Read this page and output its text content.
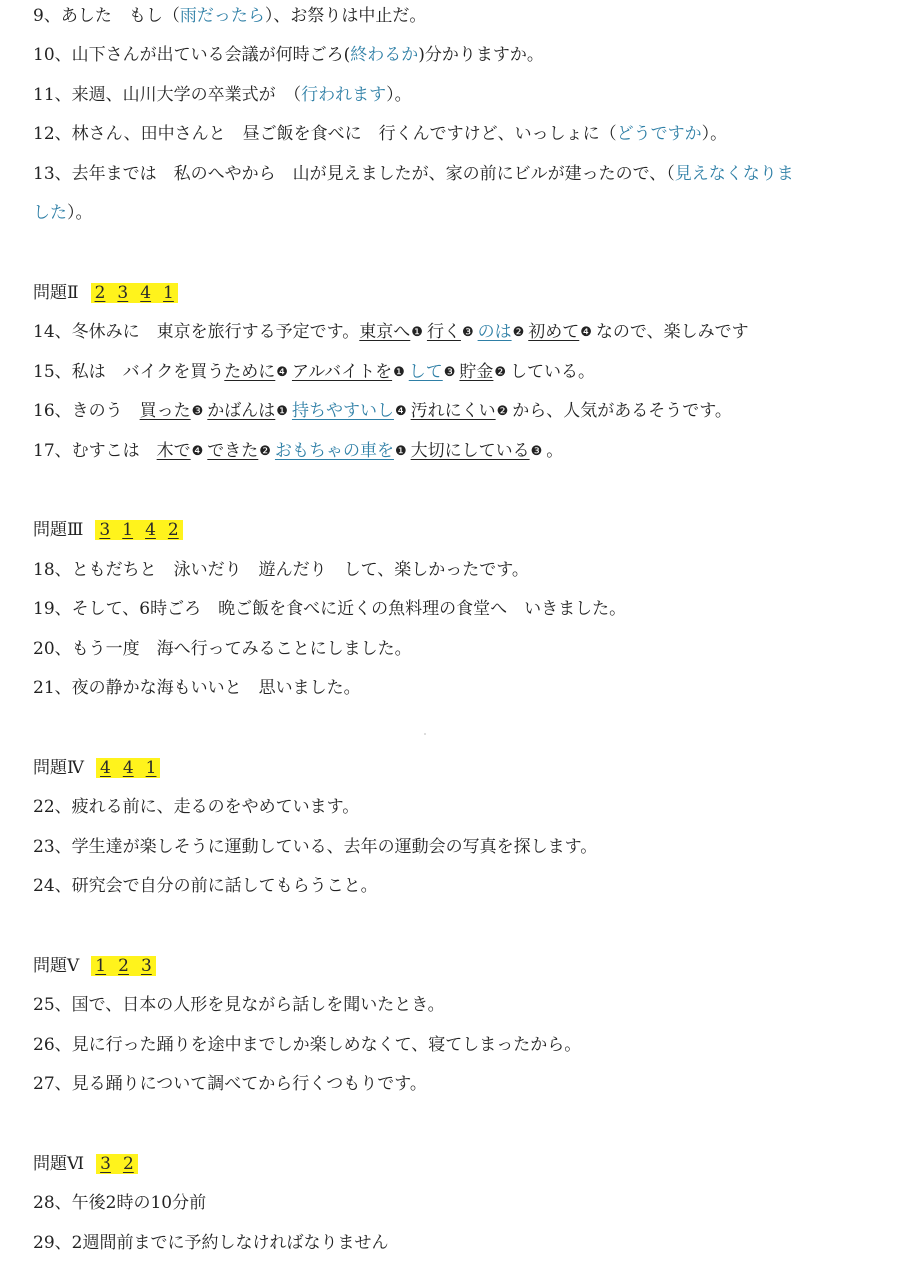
9、あした　もし（雨だったら）、お祭りは中止だ。
10、山下さんが出ている会議が何時ごろ(終わるか)分かりますか。
11、来週、山川大学の卒業式が　（行われます）。
12、林さん、田中さんと　昼ご飯を食べに　行くんですけど、いっしょに（どうですか）。
13、去年までは　私のへやから　山が見えましたが、家の前にビルが建ったので、（見えなくなりま
した）。
問題Ⅱ 2 3 4 1
14、冬休みに　東京を旅行する予定です。東京へ❶ 行く❸ のは❷ 初めて❹ なので、楽しみです
15、私は　バイクを買うために❹ アルバイトを❶ して❸ 貯金❷ している。
16、きのう　買った❸ かばんは❶ 持ちやすいし❹ 汚れにくい❷ から、人気があるそうです。
17、むすこは　木で❹ できた❷ おもちゃの車を❶ 大切にしている❸ 。
問題Ⅲ 3 1 4 2
18、ともだちと　泳いだり　遊んだり　して、楽しかったです。
19、そして、6時ごろ　晩ご飯を食べに近くの魚料理の食堂へ　いきました。
20、もう一度　海へ行ってみることにしました。
21、夜の静かな海もいいと　思いました。
問題Ⅳ 4 4 1
22、疲れる前に、走るのをやめています。
23、学生達が楽しそうに運動している、去年の運動会の写真を探します。
24、研究会で自分の前に話してもらうこと。
問題Ⅴ 1 2 3
25、国で、日本の人形を見ながら話しを聞いたとき。
26、見に行った踊りを途中までしか楽しめなくて、寝てしまったから。
27、見る踊りについて調べてから行くつもりです。
問題Ⅵ 3 2
28、午後2時の10分前
29、2週間前までに予約しなければなりません
